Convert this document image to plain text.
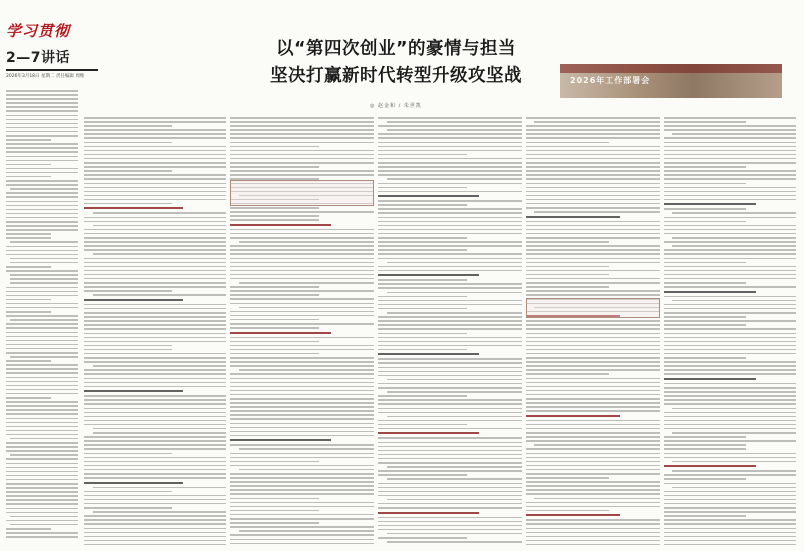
学习贯彻
2—7讲话
2026年3月18日 星期二 责任编辑 周维
以“第四次创业”的豪情与担当
坚决打赢新时代转型升级攻坚战
◎ 赵金和 / 朱世凯
2026年工作部署会
